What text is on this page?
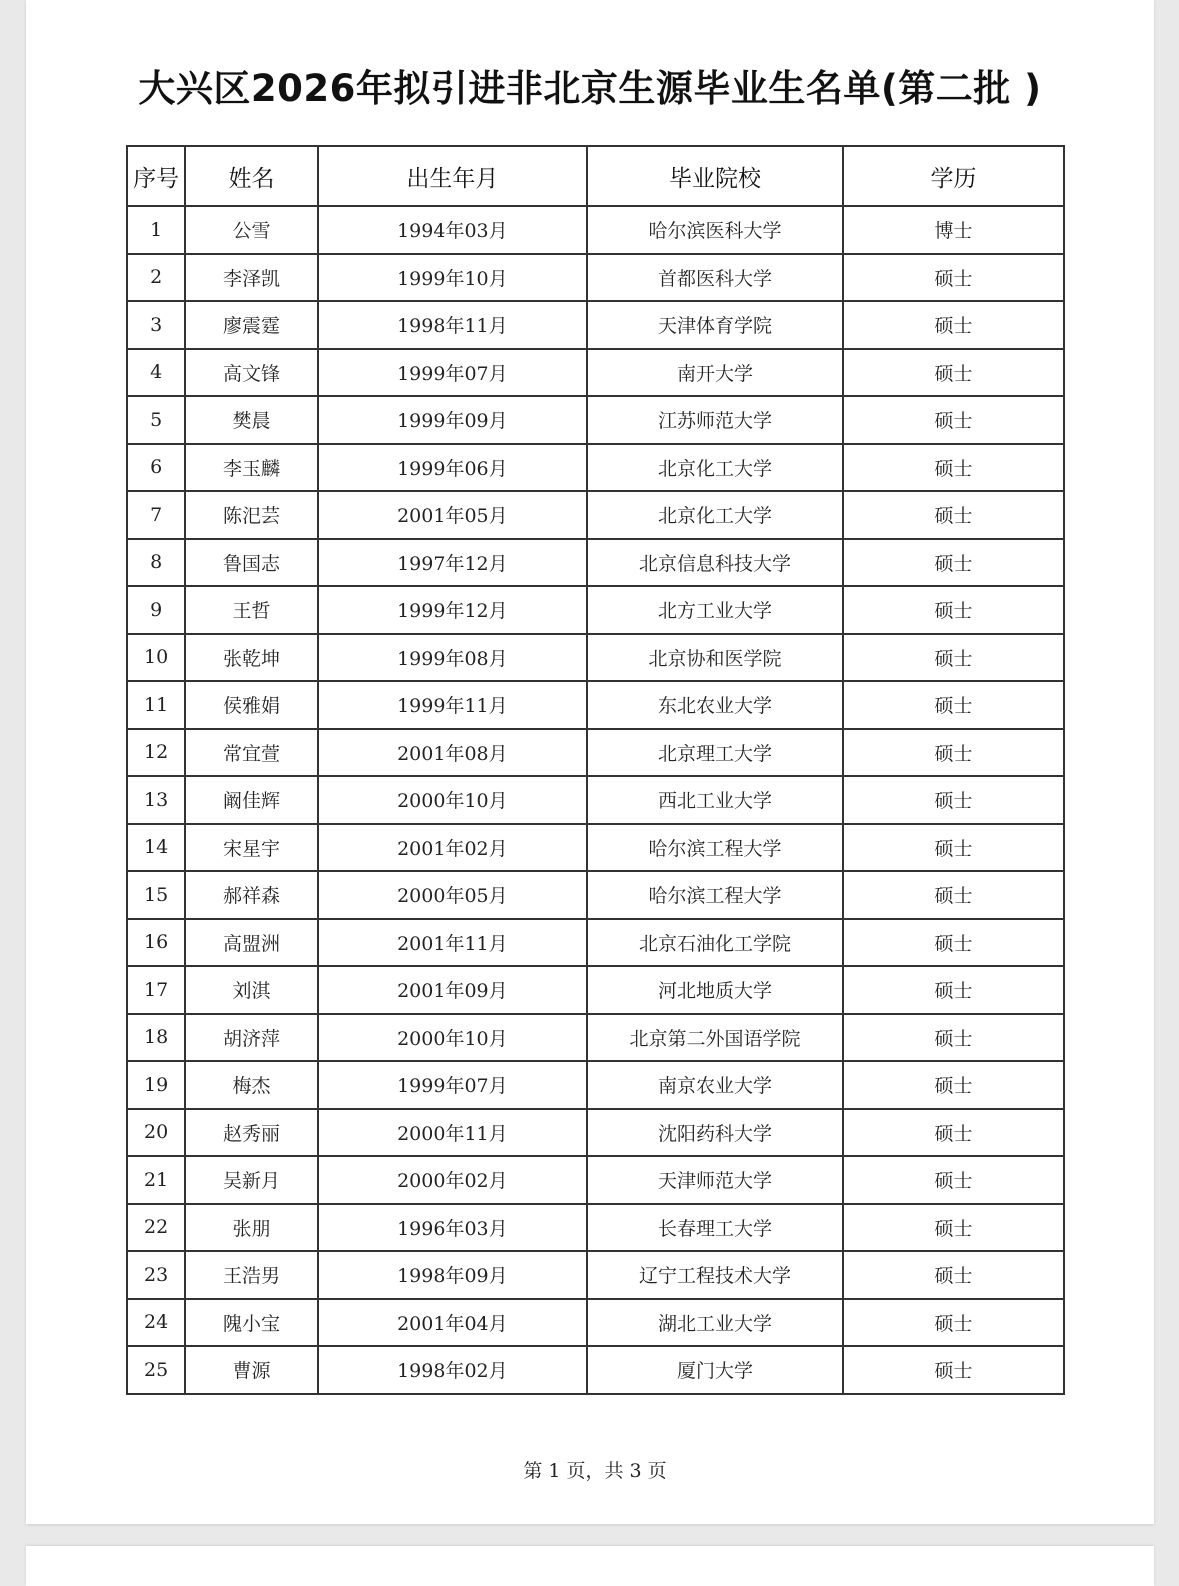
大兴区2026年拟引进非北京生源毕业生名单(第二批 )
序号	姓名	出生年月	毕业院校	学历
1	公雪	1994年03月	哈尔滨医科大学	博士
2	李泽凯	1999年10月	首都医科大学	硕士
3	廖震霆	1998年11月	天津体育学院	硕士
4	高文锋	1999年07月	南开大学	硕士
5	樊晨	1999年09月	江苏师范大学	硕士
6	李玉麟	1999年06月	北京化工大学	硕士
7	陈汜芸	2001年05月	北京化工大学	硕士
8	鲁国志	1997年12月	北京信息科技大学	硕士
9	王哲	1999年12月	北方工业大学	硕士
10	张乾坤	1999年08月	北京协和医学院	硕士
11	侯雅娟	1999年11月	东北农业大学	硕士
12	常宜萱	2001年08月	北京理工大学	硕士
13	阚佳辉	2000年10月	西北工业大学	硕士
14	宋星宇	2001年02月	哈尔滨工程大学	硕士
15	郝祥森	2000年05月	哈尔滨工程大学	硕士
16	高盟洲	2001年11月	北京石油化工学院	硕士
17	刘淇	2001年09月	河北地质大学	硕士
18	胡济萍	2000年10月	北京第二外国语学院	硕士
19	梅杰	1999年07月	南京农业大学	硕士
20	赵秀丽	2000年11月	沈阳药科大学	硕士
21	吴新月	2000年02月	天津师范大学	硕士
22	张朋	1996年03月	长春理工大学	硕士
23	王浩男	1998年09月	辽宁工程技术大学	硕士
24	隗小宝	2001年04月	湖北工业大学	硕士
25	曹源	1998年02月	厦门大学	硕士
第 1 页，共 3 页
